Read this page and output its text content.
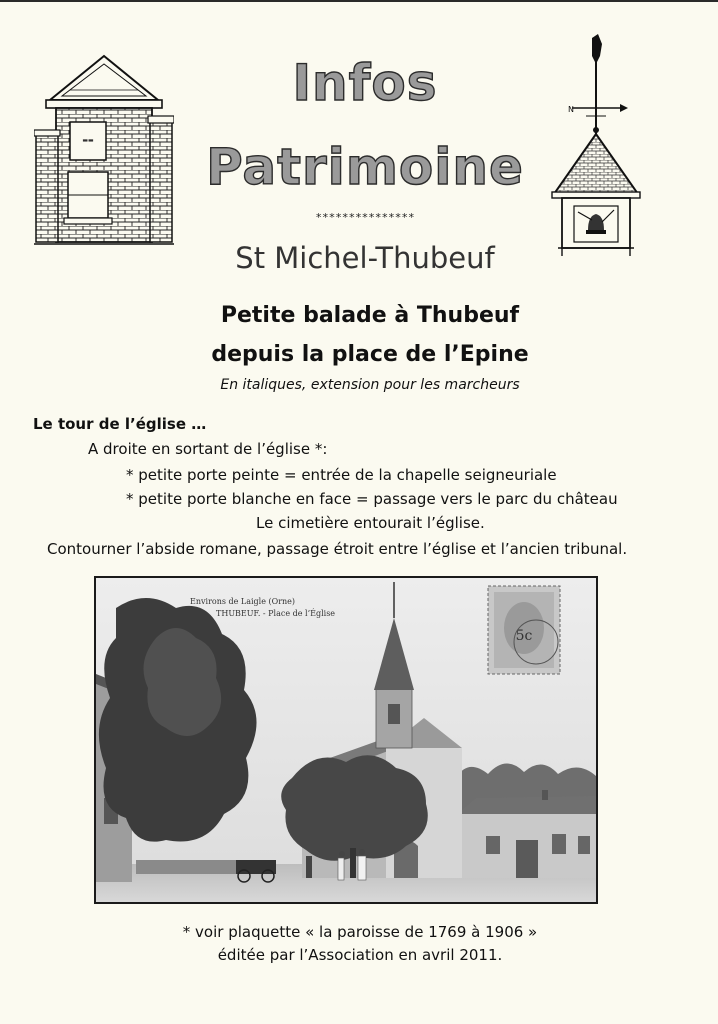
▬▬
N
Infos
Patrimoine
***************
St Michel-Thubeuf
Petite balade à Thubeuf
depuis la place de l’Epine
En italiques, extension pour les marcheurs
Le tour de l’église …
A droite en sortant de l’église *:
* petite porte peinte = entrée de la chapelle seigneuriale
* petite porte blanche en face = passage vers le parc du château
Le cimetière entourait l’église.
Contourner l’abside romane, passage étroit entre l’église et l’ancien tribunal.
Environs de Laigle (Orne)
THUBEUF. - Place de l’Église
5c
* voir plaquette « la paroisse de 1769 à 1906 »
éditée par l’Association en avril 2011.
